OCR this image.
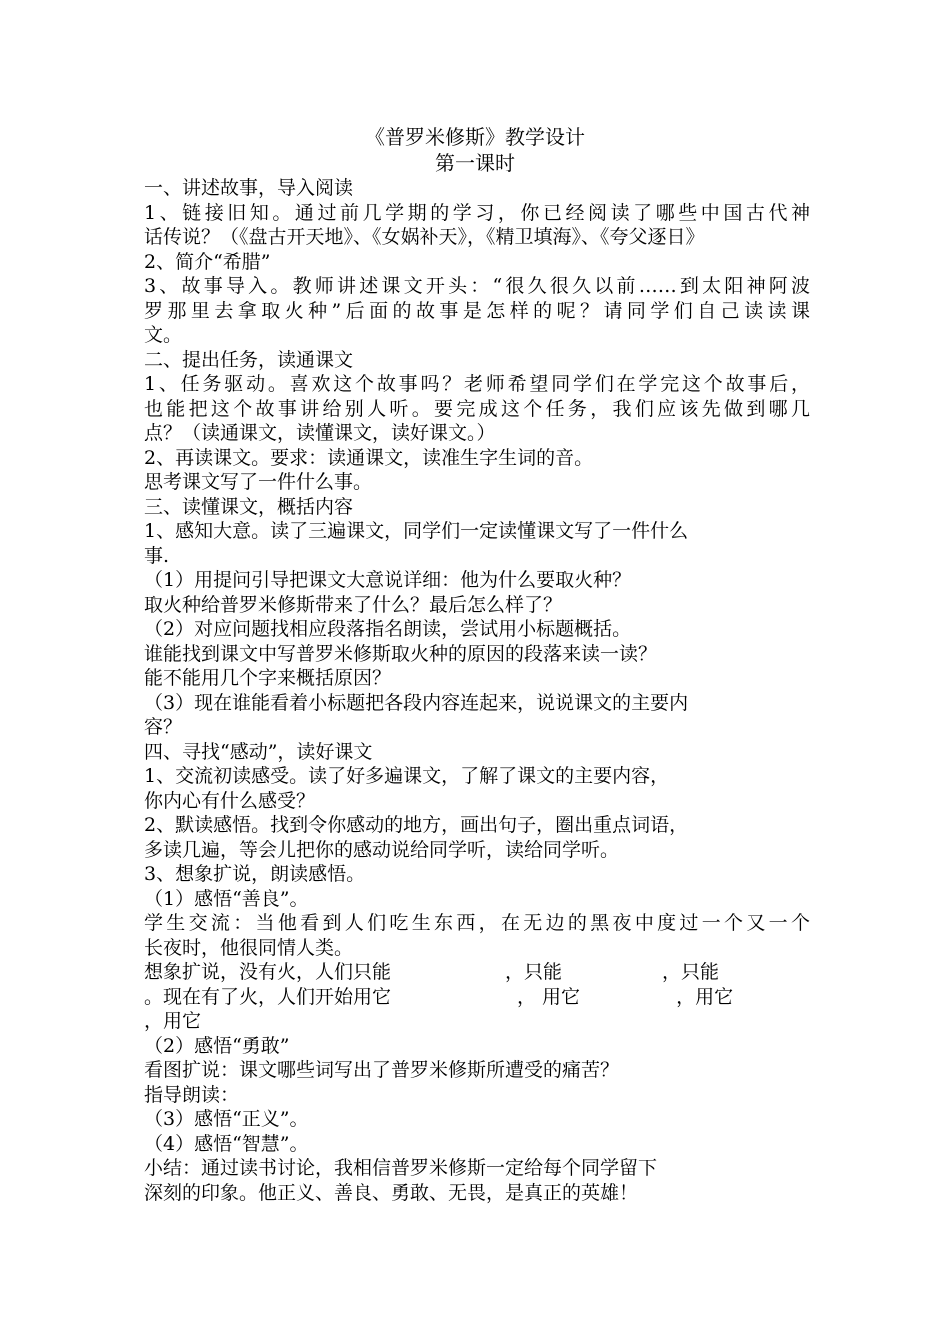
《普罗米修斯》教学设计
第一课时
一、讲述故事，导入阅读
1、链接旧知。通过前几学期的学习，你已经阅读了哪些中国古代神
话传说？（《盘古开天地》、《女娲补天》，《精卫填海》、《夸父逐日》
2、简介“希腊”
3、故事导入。教师讲述课文开头：“很久很久以前……到太阳神阿波
罗那里去拿取火种”后面的故事是怎样的呢？请同学们自己读读课
文。
二、提出任务，读通课文
1、任务驱动。喜欢这个故事吗？老师希望同学们在学完这个故事后，
也能把这个故事讲给别人听。要完成这个任务，我们应该先做到哪几
点？（读通课文，读懂课文，读好课文。）
2、再读课文。要求：读通课文，读准生字生词的音。
思考课文写了一件什么事。
三、读懂课文，概括内容
1、感知大意。读了三遍课文，同学们一定读懂课文写了一件什么
事.
（1）用提问引导把课文大意说详细：他为什么要取火种？
取火种给普罗米修斯带来了什么？最后怎么样了？
（2）对应问题找相应段落指名朗读，尝试用小标题概括。
谁能找到课文中写普罗米修斯取火种的原因的段落来读一读？
能不能用几个字来概括原因？
（3）现在谁能看着小标题把各段内容连起来，说说课文的主要内
容？
四、寻找“感动”，读好课文
1、交流初读感受。读了好多遍课文，了解了课文的主要内容，
你内心有什么感受？
2、默读感悟。找到令你感动的地方，画出句子，圈出重点词语，
多读几遍，等会儿把你的感动说给同学听，读给同学听。
3、想象扩说，朗读感悟。
（1）感悟“善良”。
学生交流：当他看到人们吃生东西，在无边的黑夜中度过一个又一个
长夜时，他很同情人类。
想象扩说，没有火，人们只能	，只能	，只能
。现在有了火，人们开始用它	， 用它	，用它
，用它
（2）感悟“勇敢”
看图扩说：课文哪些词写出了普罗米修斯所遭受的痛苦？
指导朗读：
（3）感悟“正义”。
（4）感悟“智慧”。
小结：通过读书讨论，我相信普罗米修斯一定给每个同学留下
深刻的印象。他正义、善良、勇敢、无畏，是真正的英雄！
